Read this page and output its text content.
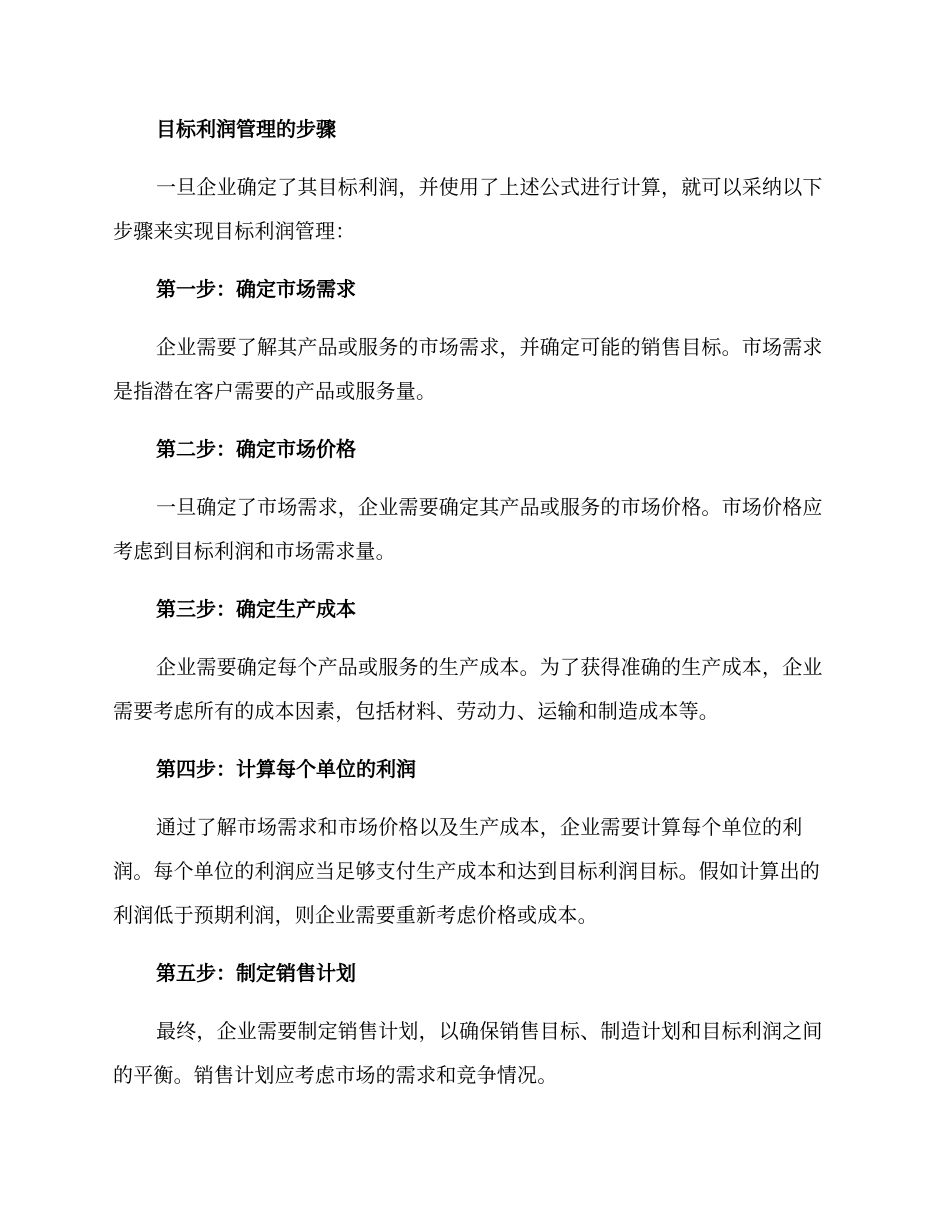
目标利润管理的步骤

一旦企业确定了其目标利润，并使用了上述公式进行计算，就可以采纳以下步骤来实现目标利润管理：

第一步：确定市场需求

企业需要了解其产品或服务的市场需求，并确定可能的销售目标。市场需求是指潜在客户需要的产品或服务量。

第二步：确定市场价格

一旦确定了市场需求，企业需要确定其产品或服务的市场价格。市场价格应考虑到目标利润和市场需求量。

第三步：确定生产成本

企业需要确定每个产品或服务的生产成本。为了获得准确的生产成本，企业需要考虑所有的成本因素，包括材料、劳动力、运输和制造成本等。

第四步：计算每个单位的利润

通过了解市场需求和市场价格以及生产成本，企业需要计算每个单位的利润。每个单位的利润应当足够支付生产成本和达到目标利润目标。假如计算出的利润低于预期利润，则企业需要重新考虑价格或成本。

第五步：制定销售计划

最终，企业需要制定销售计划，以确保销售目标、制造计划和目标利润之间的平衡。销售计划应考虑市场的需求和竞争情况。
